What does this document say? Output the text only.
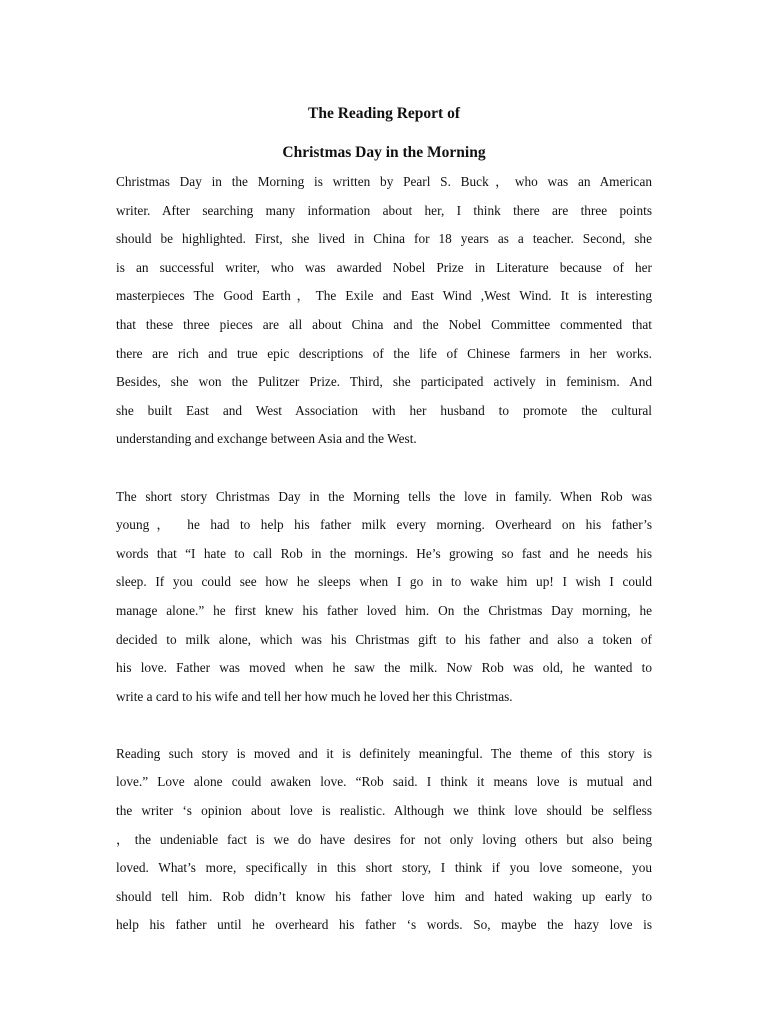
The Reading Report of
Christmas Day in the Morning
Christmas Day in the Morning is written by Pearl S. Buck，who was an American
writer. After searching many information about her, I think there are three points
should be highlighted. First, she lived in China for 18 years as a teacher. Second, she
is an successful writer, who was awarded Nobel Prize in Literature because of her
masterpieces The Good Earth，The Exile and East Wind ,West Wind. It is interesting
that these three pieces are all about China and the Nobel Committee commented that
there are rich and true epic descriptions of the life of Chinese farmers in her works.
Besides, she won the Pulitzer Prize. Third, she participated actively in feminism. And
she built East and West Association with her husband to promote the cultural
understanding and exchange between Asia and the West.
The short story Christmas Day in the Morning tells the love in family. When Rob was
young， he had to help his father milk every morning. Overheard on his father’s
words that “I hate to call Rob in the mornings. He’s growing so fast and he needs his
sleep. If you could see how he sleeps when I go in to wake him up! I wish I could
manage alone.” he first knew his father loved him. On the Christmas Day morning, he
decided to milk alone, which was his Christmas gift to his father and also a token of
his love. Father was moved when he saw the milk. Now Rob was old, he wanted to
write a card to his wife and tell her how much he loved her this Christmas.
Reading such story is moved and it is definitely meaningful. The theme of this story is
love.” Love alone could awaken love. “Rob said. I think it means love is mutual and
the writer ‘s opinion about love is realistic. Although we think love should be selfless
，the undeniable fact is we do have desires for not only loving others but also being
loved. What’s more, specifically in this short story, I think if you love someone, you
should tell him. Rob didn’t know his father love him and hated waking up early to
help his father until he overheard his father ‘s words. So, maybe the hazy love is
